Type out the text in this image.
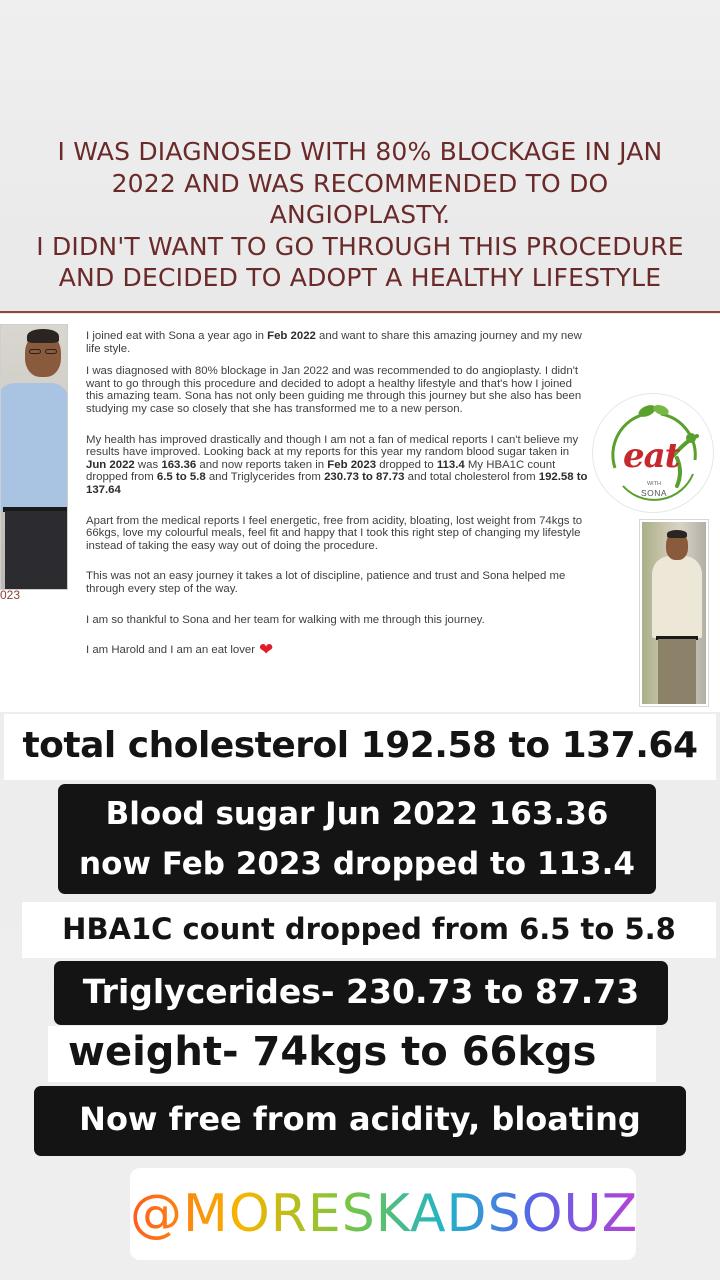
I WAS DIAGNOSED WITH 80% BLOCKAGE IN JAN
2022 AND WAS RECOMMENDED TO DO
ANGIOPLASTY.
I DIDN'T WANT TO GO THROUGH THIS PROCEDURE
AND DECIDED TO ADOPT A HEALTHY LIFESTYLE
023

I joined eat with Sona a year ago in Feb 2022 and want to share this amazing journey and my new life style.

I was diagnosed with 80% blockage in Jan 2022 and was recommended to do angioplasty. I didn't want to go through this procedure and decided to adopt a healthy lifestyle and that's how I joined this amazing team. Sona has not only been guiding me through this journey but she also has been studying my case so closely that she has transformed me to a new person.

My health has improved drastically and though I am not a fan of medical reports I can't believe my results have improved. Looking back at my reports for this year my random blood sugar taken in Jun 2022 was 163.36 and now reports taken in Feb 2023 dropped to 113.4 My HBA1C count dropped from 6.5 to 5.8 and Triglycerides from 230.73 to 87.73 and total cholesterol from 192.58 to 137.64

Apart from the medical reports I feel energetic, free from acidity, bloating, lost weight from 74kgs to 66kgs, love my colourful meals, feel fit and happy that I took this right step of changing my lifestyle instead of taking the easy way out of doing the procedure.

This was not an easy journey it takes a lot of discipline, patience and trust and Sona helped me through every step of the way.

I am so thankful to Sona and her team for walking with me through this journey.

I am Harold and I am an eat lover ❤

eat
WITH
SONA
total cholesterol 192.58 to 137.64
Blood sugar Jun 2022 163.36
now Feb 2023 dropped to 113.4
HBA1C count dropped from 6.5 to 5.8
Triglycerides- 230.73 to 87.73
weight- 74kgs to 66kgs
Now free from acidity, bloating
@MORESKADSOUZA
